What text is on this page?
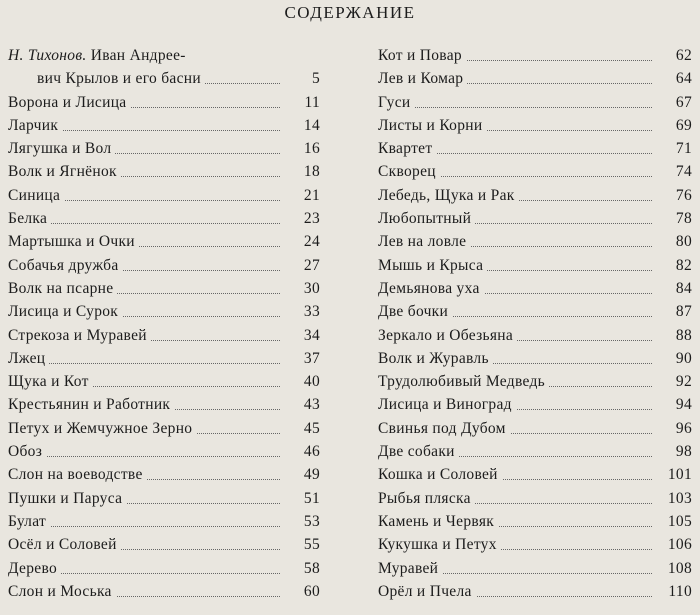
СОДЕРЖАНИЕ
Н. Тихонов. Иван Андрее-
вич Крылов и его басни	5
Ворона и Лисица	11
Ларчик	14
Лягушка и Вол	16
Волк и Ягнёнок	18
Синица	21
Белка	23
Мартышка и Очки	24
Собачья дружба	27
Волк на псарне	30
Лисица и Сурок	33
Стрекоза и Муравей	34
Лжец	37
Щука и Кот	40
Крестьянин и Работник	43
Петух и Жемчужное Зерно	45
Обоз	46
Слон на воеводстве	49
Пушки и Паруса	51
Булат	53
Осёл и Соловей	55
Дерево	58
Слон и Моська	60
Кот и Повар	62
Лев и Комар	64
Гуси	67
Листы и Корни	69
Квартет	71
Скворец	74
Лебедь, Щука и Рак	76
Любопытный	78
Лев на ловле	80
Мышь и Крыса	82
Демьянова уха	84
Две бочки	87
Зеркало и Обезьяна	88
Волк и Журавль	90
Трудолюбивый Медведь	92
Лисица и Виноград	94
Свинья под Дубом	96
Две собаки	98
Кошка и Соловей	101
Рыбья пляска	103
Камень и Червяк	105
Кукушка и Петух	106
Муравей	108
Орёл и Пчела	110
